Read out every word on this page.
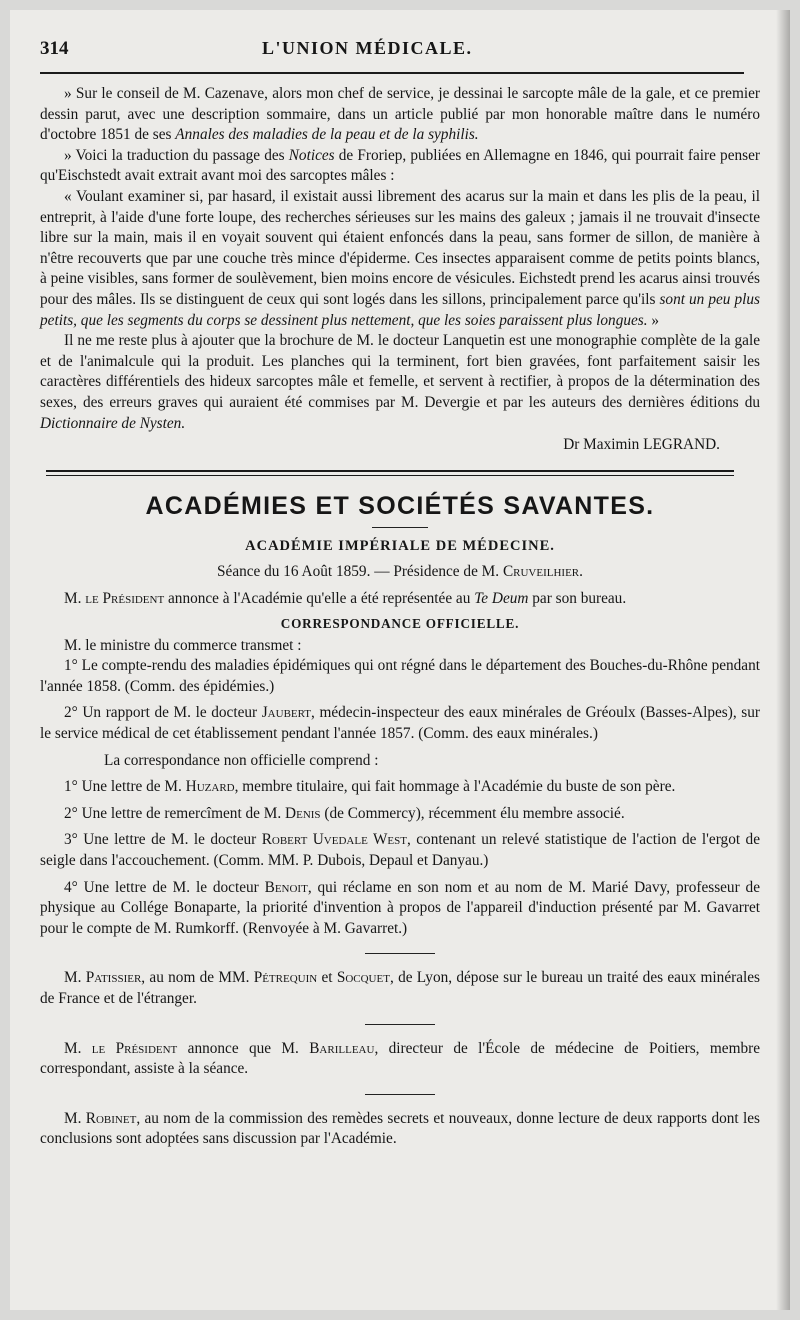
314	L'UNION MÉDICALE.

» Sur le conseil de M. Cazenave, alors mon chef de service, je dessinai le sarcopte mâle de la gale, et ce premier dessin parut, avec une description sommaire, dans un article publié par mon honorable maître dans le numéro d'octobre 1851 de ses Annales des maladies de la peau et de la syphilis.

» Voici la traduction du passage des Notices de Froriep, publiées en Allemagne en 1846, qui pourrait faire penser qu'Eischstedt avait extrait avant moi des sarcoptes mâles :

« Voulant examiner si, par hasard, il existait aussi librement des acarus sur la main et dans les plis de la peau, il entreprit, à l'aide d'une forte loupe, des recherches sérieuses sur les mains des galeux ; jamais il ne trouvait d'insecte libre sur la main, mais il en voyait souvent qui étaient enfoncés dans la peau, sans former de sillon, de manière à n'être recouverts que par une couche très mince d'épiderme. Ces insectes apparaisent comme de petits points blancs, à peine visibles, sans former de soulèvement, bien moins encore de vésicules. Eichstedt prend les acarus ainsi trouvés pour des mâles. Ils se distinguent de ceux qui sont logés dans les sillons, principalement parce qu'ils sont un peu plus petits, que les segments du corps se dessinent plus nettement, que les soies paraissent plus longues. »

Il ne me reste plus à ajouter que la brochure de M. le docteur Lanquetin est une monographie complète de la gale et de l'animalcule qui la produit. Les planches qui la terminent, fort bien gravées, font parfaitement saisir les caractères différentiels des hideux sarcoptes mâle et femelle, et servent à rectifier, à propos de la détermination des sexes, des erreurs graves qui auraient été commises par M. Devergie et par les auteurs des dernières éditions du Dictionnaire de Nysten.

Dr Maximin LEGRAND.

ACADÉMIES ET SOCIÉTÉS SAVANTES.
ACADÉMIE IMPÉRIALE DE MÉDECINE.
Séance du 16 Août 1859. — Présidence de M. Cruveilhier.

M. le Président annonce à l'Académie qu'elle a été représentée au Te Deum par son bureau.

CORRESPONDANCE OFFICIELLE.

M. le ministre du commerce transmet :

1° Le compte-rendu des maladies épidémiques qui ont régné dans le département des Bouches-du-Rhône pendant l'année 1858. (Comm. des épidémies.)

2° Un rapport de M. le docteur Jaubert, médecin-inspecteur des eaux minérales de Gréoulx (Basses-Alpes), sur le service médical de cet établissement pendant l'année 1857. (Comm. des eaux minérales.)

La correspondance non officielle comprend :

1° Une lettre de M. Huzard, membre titulaire, qui fait hommage à l'Académie du buste de son père.

2° Une lettre de remercîment de M. Denis (de Commercy), récemment élu membre associé.

3° Une lettre de M. le docteur Robert Uvedale West, contenant un relevé statistique de l'action de l'ergot de seigle dans l'accouchement. (Comm. MM. P. Dubois, Depaul et Danyau.)

4° Une lettre de M. le docteur Benoit, qui réclame en son nom et au nom de M. Marié Davy, professeur de physique au Collége Bonaparte, la priorité d'invention à propos de l'appareil d'induction présenté par M. Gavarret pour le compte de M. Rumkorff. (Renvoyée à M. Gavarret.)

M. Patissier, au nom de MM. Pétrequin et Socquet, de Lyon, dépose sur le bureau un traité des eaux minérales de France et de l'étranger.

M. le Président annonce que M. Barilleau, directeur de l'École de médecine de Poitiers, membre correspondant, assiste à la séance.

M. Robinet, au nom de la commission des remèdes secrets et nouveaux, donne lecture de deux rapports dont les conclusions sont adoptées sans discussion par l'Académie.
